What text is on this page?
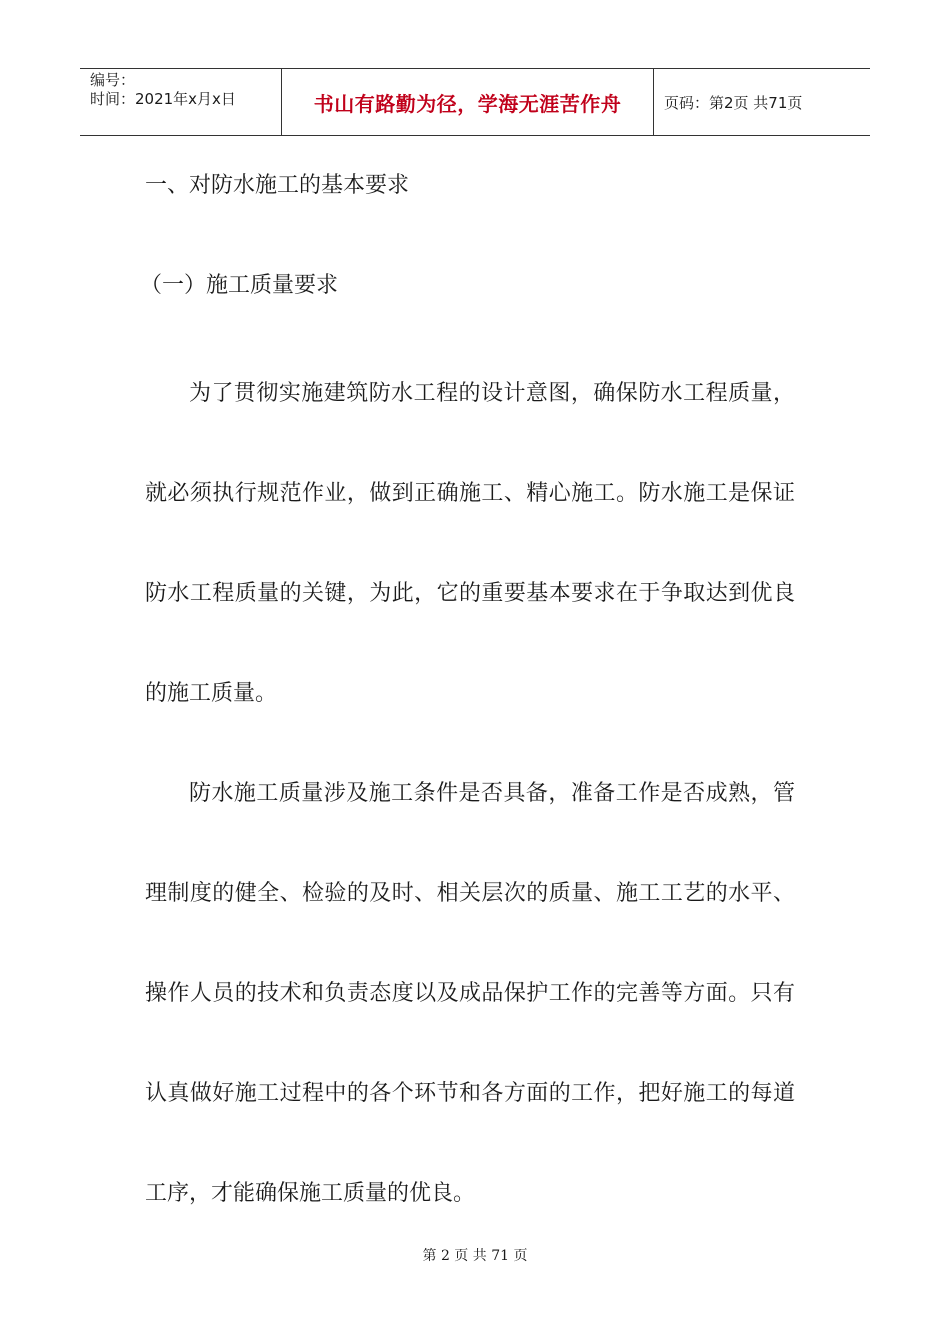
编号：
时间：2021年x月x日	书山有路勤为径，学海无涯苦作舟	页码：第2页 共71页
一、对防水施工的基本要求
（一）施工质量要求

为了贯彻实施建筑防水工程的设计意图，确保防水工程质量，就必须执行规范作业，做到正确施工、精心施工。防水施工是保证防水工程质量的关键，为此，它的重要基本要求在于争取达到优良的施工质量。

防水施工质量涉及施工条件是否具备，准备工作是否成熟，管理制度的健全、检验的及时、相关层次的质量、施工工艺的水平、操作人员的技术和负责态度以及成品保护工作的完善等方面。只有认真做好施工过程中的各个环节和各方面的工作，把好施工的每道工序，才能确保施工质量的优良。

第 2 页 共 71 页
